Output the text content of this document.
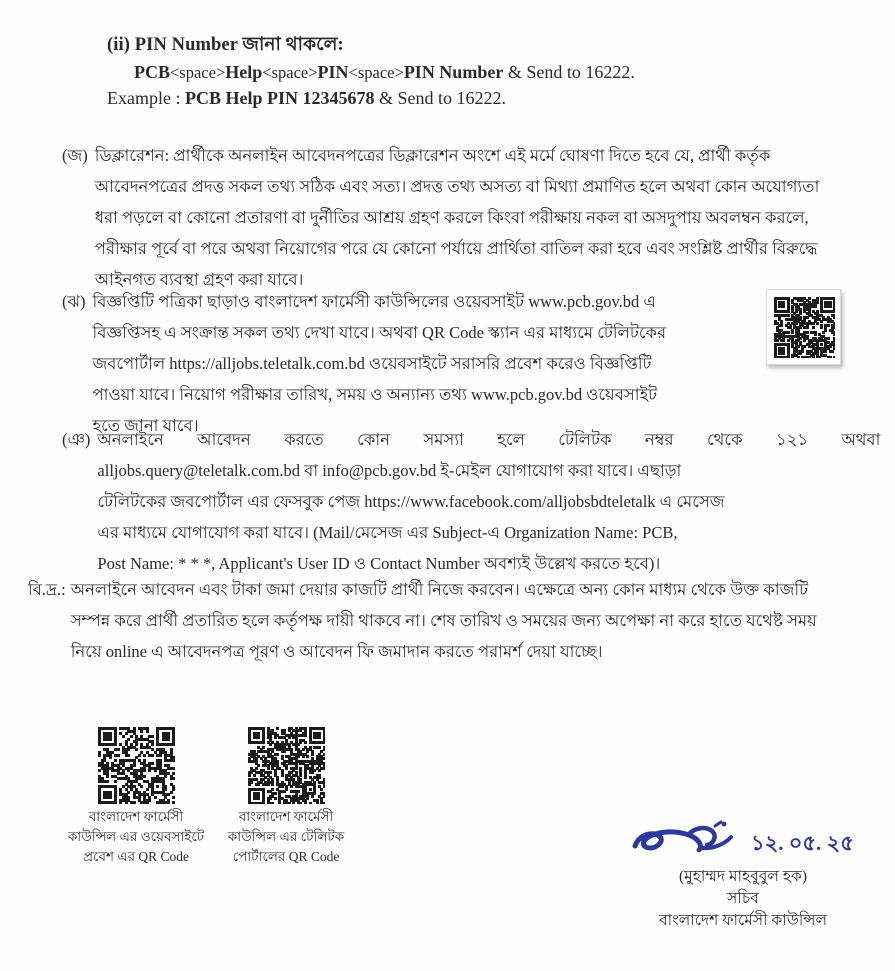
(ii) PIN Number জানা থাকলে:
PCB<space>Help<space>PIN<space>PIN Number & Send to 16222.
Example : PCB Help PIN 12345678 & Send to 16222.
(জ) ডিক্লারেশন: প্রার্থীকে অনলাইন আবেদনপত্রের ডিক্লারেশন অংশে এই মর্মে ঘোষণা দিতে হবে যে, প্রার্থী কর্তৃক
আবেদনপত্রের প্রদত্ত সকল তথ্য সঠিক এবং সত্য। প্রদত্ত তথ্য অসত্য বা মিথ্যা প্রমাণিত হলে অথবা কোন অযোগ্যতা
ধরা পড়লে বা কোনো প্রতারণা বা দুর্নীতির আশ্রয় গ্রহণ করলে কিংবা পরীক্ষায় নকল বা অসদুপায় অবলম্বন করলে,
পরীক্ষার পূর্বে বা পরে অথবা নিয়োগের পরে যে কোনো পর্যায়ে প্রার্থিতা বাতিল করা হবে এবং সংশ্লিষ্ট প্রার্থীর বিরুদ্ধে
আইনগত ব্যবস্থা গ্রহণ করা যাবে।
(ঝ) বিজ্ঞপ্তিটি পত্রিকা ছাড়াও বাংলাদেশ ফার্মেসী কাউন্সিলের ওয়েবসাইট www.pcb.gov.bd এ
বিজ্ঞপ্তিসহ এ সংক্রান্ত সকল তথ্য দেখা যাবে। অথবা QR Code স্ক্যান এর মাধ্যমে টেলিটকের
জবপোর্টাল https://alljobs.teletalk.com.bd ওয়েবসাইটে সরাসরি প্রবেশ করেও বিজ্ঞপ্তিটি
পাওয়া যাবে। নিয়োগ পরীক্ষার তারিখ, সময় ও অন্যান্য তথ্য www.pcb.gov.bd ওয়েবসাইট
হতে জানা যাবে।
(ঞ) অনলাইনে আবেদন করতে কোন সমস্যা হলে টেলিটক নম্বর থেকে ১২১ অথবা
alljobs.query@teletalk.com.bd বা info@pcb.gov.bd ই-মেইল যোগাযোগ করা যাবে। এছাড়া
টেলিটকের জবপোর্টাল এর ফেসবুক পেজ https://www.facebook.com/alljobsbdteletalk এ মেসেজ
এর মাধ্যমে যোগাযোগ করা যাবে। (Mail/মেসেজ এর Subject-এ Organization Name: PCB,
Post Name: * * *, Applicant's User ID ও Contact Number অবশ্যই উল্লেখ করতে হবে)।
বি.দ্র.: অনলাইনে আবেদন এবং টাকা জমা দেয়ার কাজটি প্রার্থী নিজে করবেন। এক্ষেত্রে অন্য কোন মাধ্যম থেকে উক্ত কাজটি
সম্পন্ন করে প্রার্থী প্রতারিত হলে কর্তৃপক্ষ দায়ী থাকবে না। শেষ তারিখ ও সময়ের জন্য অপেক্ষা না করে হাতে যথেষ্ট সময়
নিয়ে online এ আবেদনপত্র পূরণ ও আবেদন ফি জমাদান করতে পরামর্শ দেয়া যাচ্ছে।
বাংলাদেশ ফার্মেসী
কাউন্সিল এর ওয়েবসাইটে
প্রবেশ এর QR Code
বাংলাদেশ ফার্মেসী
কাউন্সিল এর টেলিটক
পোর্টালের QR Code
১২. ০৫. ২৫
(মুহাম্মদ মাহবুবুল হক)
সচিব
বাংলাদেশ ফার্মেসী কাউন্সিল
